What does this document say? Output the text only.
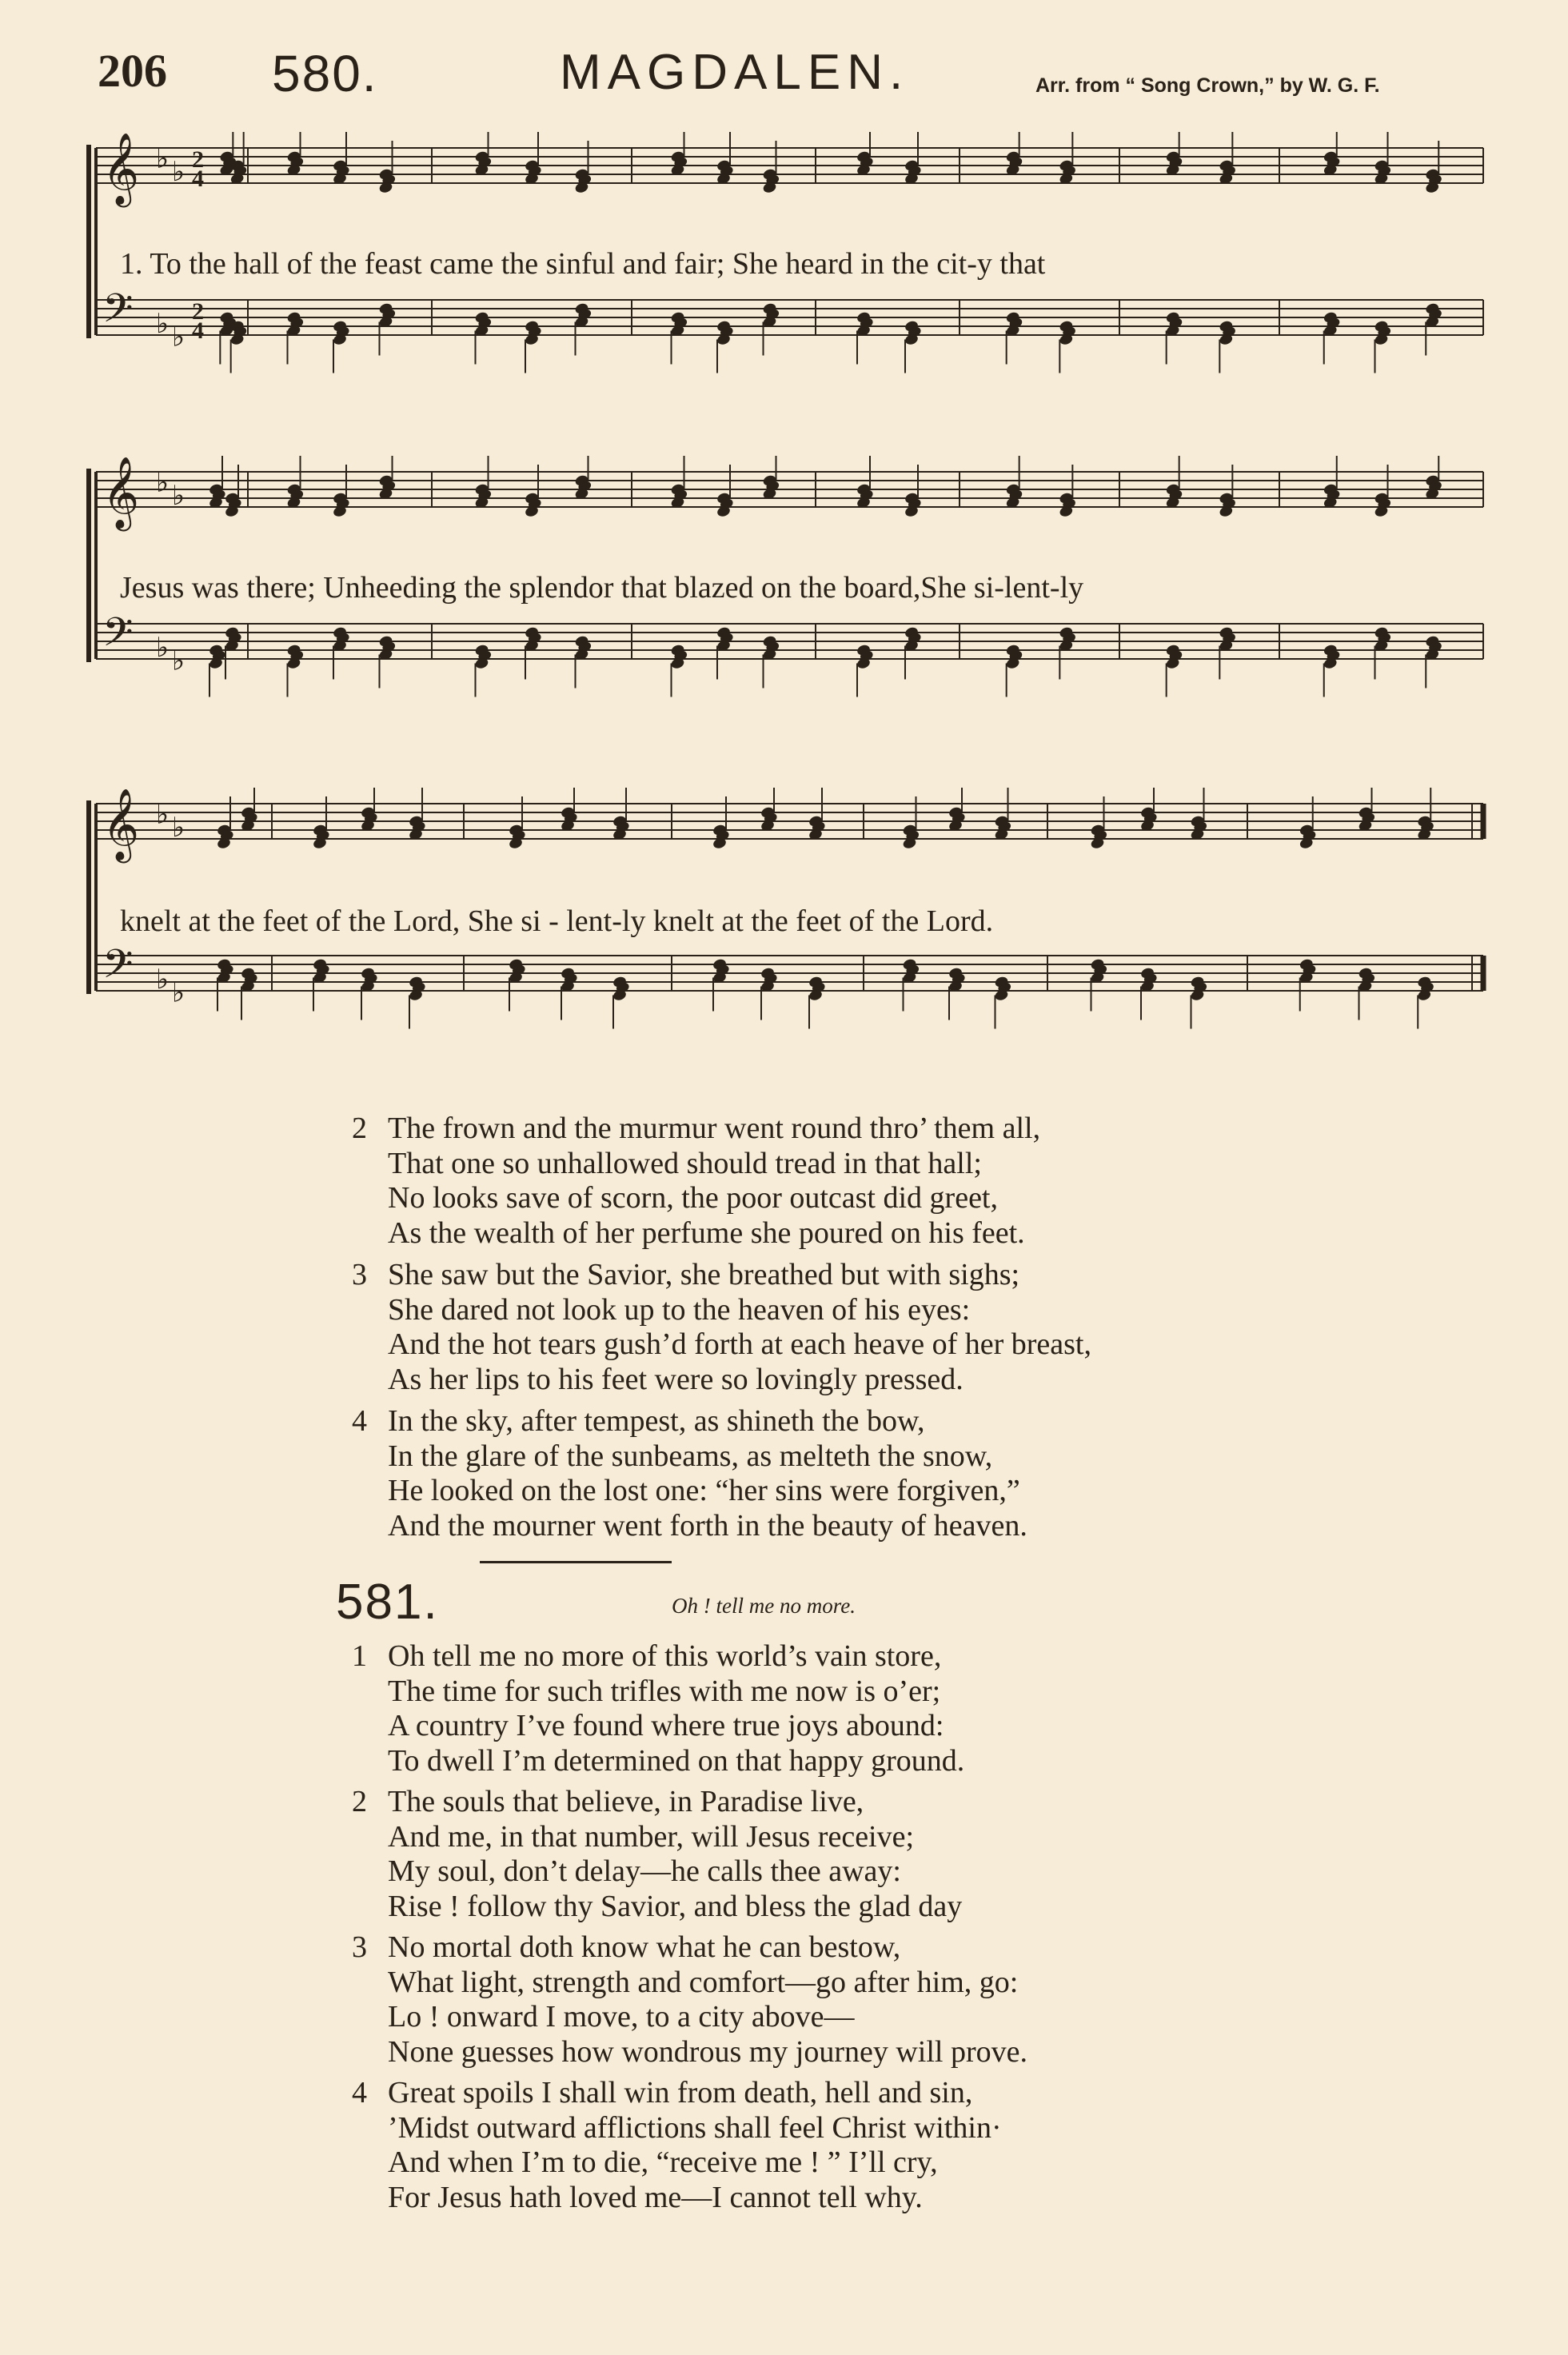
206 580.	MAGDALEN.	Arr. from “ Song Crown,” by W. G. F.
𝄞 ♭ ♭ 2
4
𝄢 ♭ ♭
2
4
1. To the hall of the feast came the sinful and fair; She heard in the cit-y that
𝄞 ♭ ♭
𝄢 ♭ ♭
Jesus was there; Unheeding the splendor that blazed on the board,She si-lent-ly
𝄞 ♭ ♭
𝄢 ♭ ♭
knelt at the feet of the Lord, She si - lent-ly knelt at the feet of the Lord.
2 The frown and the murmur went round thro’ them all,
That one so unhallowed should tread in that hall;
No looks save of scorn, the poor outcast did greet,
As the wealth of her perfume she poured on his feet.
3 She saw but the Savior, she breathed but with sighs;
She dared not look up to the heaven of his eyes:
And the hot tears gush’d forth at each heave of her breast,
As her lips to his feet were so lovingly pressed.
4 In the sky, after tempest, as shineth the bow,
In the glare of the sunbeams, as melteth the snow,
He looked on the lost one: “her sins were forgiven,”
And the mourner went forth in the beauty of heaven.
581.	Oh ! tell me no more.
1 Oh tell me no more of this world’s vain store,
The time for such trifles with me now is o’er;
A country I’ve found where true joys abound:
To dwell I’m determined on that happy ground.
2 The souls that believe, in Paradise live,
And me, in that number, will Jesus receive;
My soul, don’t delay—he calls thee away:
Rise ! follow thy Savior, and bless the glad day
3 No mortal doth know what he can bestow,
What light, strength and comfort—go after him, go:
Lo ! onward I move, to a city above—
None guesses how wondrous my journey will prove.
4 Great spoils I shall win from death, hell and sin,
’Midst outward afflictions shall feel Christ within·
And when I’m to die, “receive me ! ” I’ll cry,
For Jesus hath loved me—I cannot tell why.
